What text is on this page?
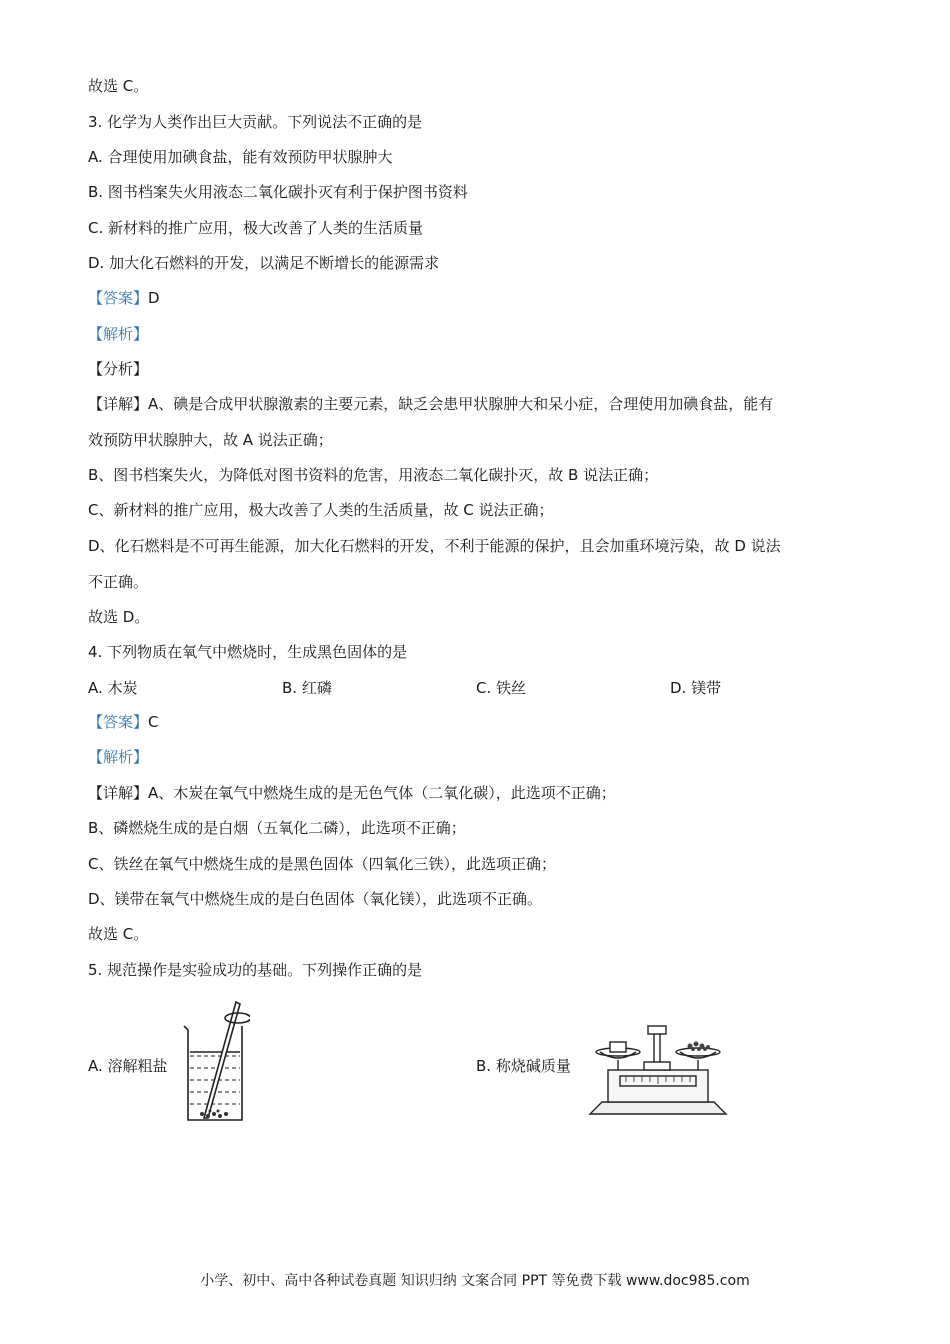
故选 C。
3. 化学为人类作出巨大贡献。下列说法不正确的是
A. 合理使用加碘食盐，能有效预防甲状腺肿大
B. 图书档案失火用液态二氧化碳扑灭有利于保护图书资料
C. 新材料的推广应用，极大改善了人类的生活质量
D. 加大化石燃料的开发，以满足不断增长的能源需求
【答案】D
【解析】
【分析】
【详解】A、碘是合成甲状腺激素的主要元素，缺乏会患甲状腺肿大和呆小症，合理使用加碘食盐，能有
效预防甲状腺肿大，故 A 说法正确；
B、图书档案失火，为降低对图书资料的危害，用液态二氧化碳扑灭，故 B 说法正确；
C、新材料的推广应用，极大改善了人类的生活质量，故 C 说法正确；
D、化石燃料是不可再生能源，加大化石燃料的开发，不利于能源的保护，且会加重环境污染，故 D 说法
不正确。
故选 D。
4. 下列物质在氧气中燃烧时，生成黑色固体的是
A. 木炭	B. 红磷	C. 铁丝	D. 镁带
【答案】C
【解析】
【详解】A、木炭在氧气中燃烧生成的是无色气体（二氧化碳），此选项不正确；
B、磷燃烧生成的是白烟（五氧化二磷），此选项不正确；
C、铁丝在氧气中燃烧生成的是黑色固体（四氧化三铁），此选项正确；
D、镁带在氧气中燃烧生成的是白色固体（氧化镁），此选项不正确。
故选 C。
5. 规范操作是实验成功的基础。下列操作正确的是
A. 溶解粗盐	B. 称烧碱质量
小学、初中、高中各种试卷真题 知识归纳 文案合同 PPT 等免费下载 www.doc985.com
